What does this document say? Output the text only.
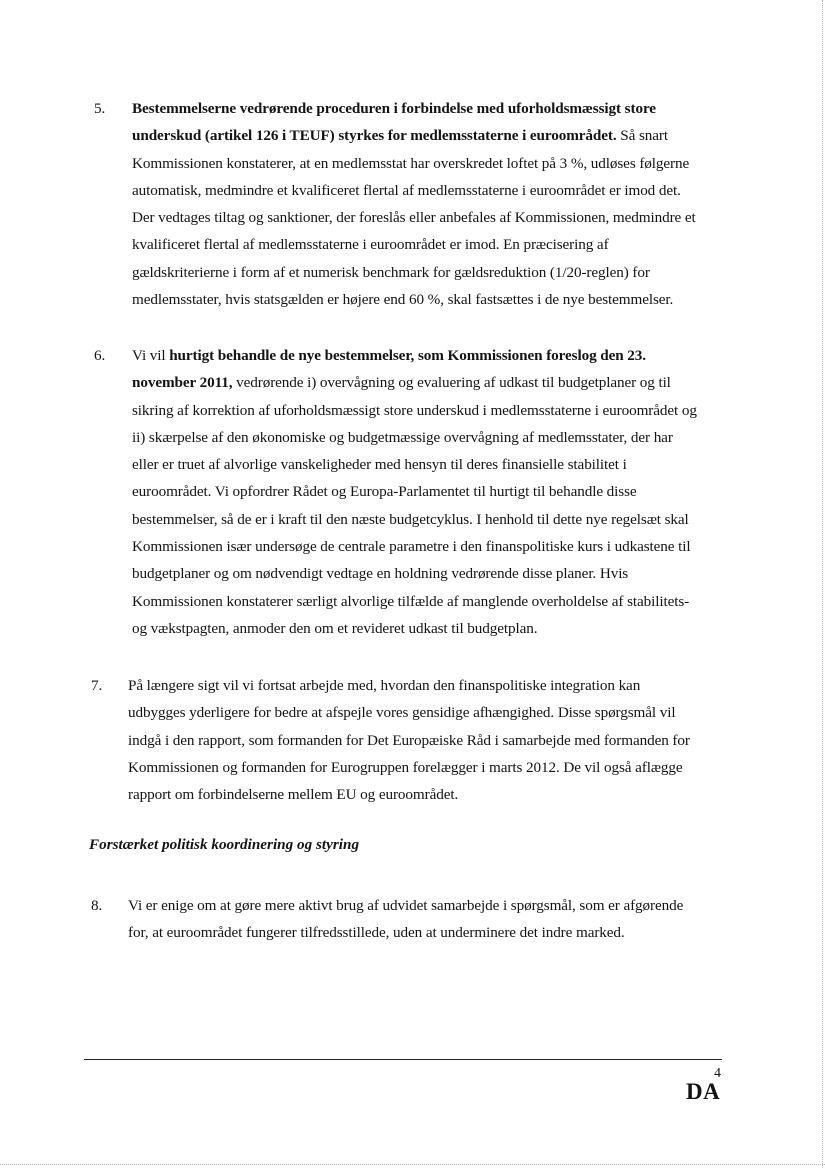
5. Bestemmelserne vedrørende proceduren i forbindelse med uforholdsmæssigt store
underskud (artikel 126 i TEUF) styrkes for medlemsstaterne i euroområdet. Så snart
Kommissionen konstaterer, at en medlemsstat har overskredet loftet på 3 %, udløses følgerne
automatisk, medmindre et kvalificeret flertal af medlemsstaterne i euroområdet er imod det.
Der vedtages tiltag og sanktioner, der foreslås eller anbefales af Kommissionen, medmindre et
kvalificeret flertal af medlemsstaterne i euroområdet er imod. En præcisering af
gældskriterierne i form af et numerisk benchmark for gældsreduktion (1/20-reglen) for
medlemsstater, hvis statsgælden er højere end 60 %, skal fastsættes i de nye bestemmelser.
6. Vi vil hurtigt behandle de nye bestemmelser, som Kommissionen foreslog den 23.
november 2011, vedrørende i) overvågning og evaluering af udkast til budgetplaner og til
sikring af korrektion af uforholdsmæssigt store underskud i medlemsstaterne i euroområdet og
ii) skærpelse af den økonomiske og budgetmæssige overvågning af medlemsstater, der har
eller er truet af alvorlige vanskeligheder med hensyn til deres finansielle stabilitet i
euroområdet. Vi opfordrer Rådet og Europa-Parlamentet til hurtigt til behandle disse
bestemmelser, så de er i kraft til den næste budgetcyklus. I henhold til dette nye regelsæt skal
Kommissionen især undersøge de centrale parametre i den finanspolitiske kurs i udkastene til
budgetplaner og om nødvendigt vedtage en holdning vedrørende disse planer. Hvis
Kommissionen konstaterer særligt alvorlige tilfælde af manglende overholdelse af stabilitets-
og vækstpagten, anmoder den om et revideret udkast til budgetplan.
7. På længere sigt vil vi fortsat arbejde med, hvordan den finanspolitiske integration kan
udbygges yderligere for bedre at afspejle vores gensidige afhængighed. Disse spørgsmål vil
indgå i den rapport, som formanden for Det Europæiske Råd i samarbejde med formanden for
Kommissionen og formanden for Eurogruppen forelægger i marts 2012. De vil også aflægge
rapport om forbindelserne mellem EU og euroområdet.
Forstærket politisk koordinering og styring
8. Vi er enige om at gøre mere aktivt brug af udvidet samarbejde i spørgsmål, som er afgørende
for, at euroområdet fungerer tilfredsstillede, uden at underminere det indre marked.
4
DA
